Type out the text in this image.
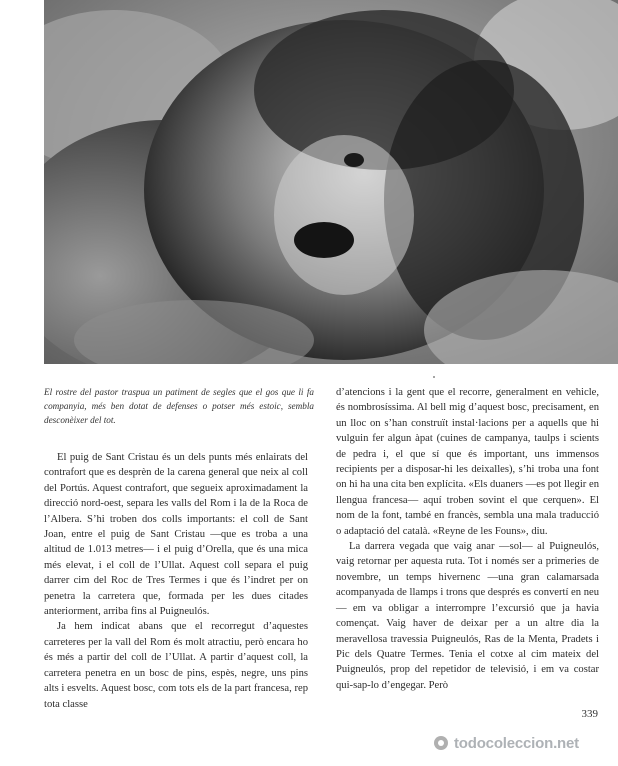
El rostre del pastor traspua un patiment de segles que el gos que li fa companyia, més ben dotat de defenses o potser més estoic, sembla desconèixer del tot.

El puig de Sant Cristau és un dels punts més enlairats del contrafort que es desprèn de la carena general que neix al coll del Portús. Aquest contrafort, que segueix aproximadament la direcció nord-oest, separa les valls del Rom i la de la Roca de l’Albera. S’hi troben dos colls importants: el coll de Sant Joan, entre el puig de Sant Cristau —que es troba a una altitud de 1.013 metres— i el puig d’Orella, que és una mica més elevat, i el coll de l’Ullat. Aquest coll separa el puig darrer cim del Roc de Tres Termes i que és l’indret per on penetra la carretera que, formada per les dues citades anteriorment, arriba fins al Puigneulós.

Ja hem indicat abans que el recorregut d’aquestes carreteres per la vall del Rom és molt atractiu, però encara ho és més a partir del coll de l’Ullat. A partir d’aquest coll, la carretera penetra en un bosc de pins, espès, negre, uns pins alts i esvelts. Aquest bosc, com tots els de la part francesa, rep tota classe

d’atencions i la gent que el recorre, generalment en vehicle, és nombrosíssima. Al bell mig d’aquest bosc, precisament, en un lloc on s’han construït instal·lacions per a aquells que hi vulguin fer algun àpat (cuines de campanya, taulps i scients de pedra i, el que sí que és important, uns immensos recipients per a disposar-hi les deixalles), s’hi troba una font on hi ha una cita ben explícita. «Els duaners —es pot llegir en llengua francesa— aquí troben sovint el que cerquen». El nom de la font, també en francès, sembla una mala traducció o adaptació del català. «Reyne de les Founs», diu.

La darrera vegada que vaig anar —sol— al Puigneulós, vaig retornar per aquesta ruta. Tot i només ser a primeries de novembre, un temps hivernenc —una gran calamarsada acompanyada de llamps i trons que després es convertí en neu— em va obligar a interrompre l’excursió que ja havia començat. Vaig haver de deixar per a un altre dia la meravellosa travessia Puigneulós, Ras de la Menta, Pradets i Pic dels Quatre Termes. Tenia el cotxe al cim mateix del Puigneulós, prop del repetidor de televisió, i em va costar qui-sap-lo d’engegar. Però

339
todocoleccion.net
